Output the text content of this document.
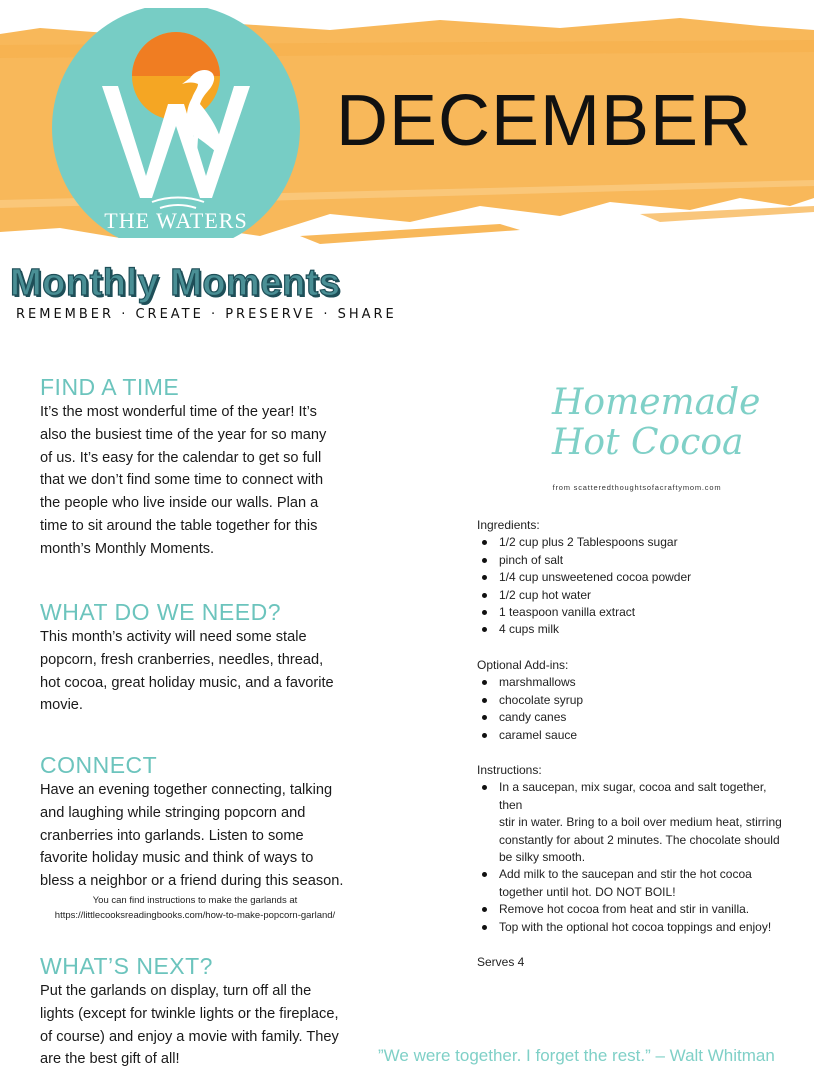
THE WATERS
DECEMBER
Monthly Moments
REMEMBER · CREATE · PRESERVE · SHARE
FIND A TIME

It’s the most wonderful time of the year! It’s
also the busiest time of the year for so many
of us. It’s easy for the calendar to get so full
that we don’t find some time to connect with
the people who live inside our walls. Plan a
time to sit around the table together for this
month’s Monthly Moments.

WHAT DO WE NEED?

This month’s activity will need some stale
popcorn, fresh cranberries, needles, thread,
hot cocoa, great holiday music, and a favorite
movie.

CONNECT

Have an evening together connecting, talking
and laughing while stringing popcorn and
cranberries into garlands. Listen to some
favorite holiday music and think of ways to
bless a neighbor or a friend during this season.

You can find instructions to make the garlands at
https://littlecooksreadingbooks.com/how-to-make-popcorn-garland/
WHAT’S NEXT?

Put the garlands on display, turn off all the
lights (except for twinkle lights or the fireplace,
of course) and enjoy a movie with family. They
are the best gift of all!

Homemade
Hot Cocoa
from scatteredthoughtsofacraftymom.com
Ingredients:
1/2 cup plus 2 Tablespoons sugar
pinch of salt
1/4 cup unsweetened cocoa powder
1/2 cup hot water
1 teaspoon vanilla extract
4 cups milk
Optional Add-ins:
marshmallows
chocolate syrup
candy canes
caramel sauce
Instructions:
In a saucepan, mix sugar, cocoa and salt together, then
stir in water. Bring to a boil over medium heat, stirring
constantly for about 2 minutes. The chocolate should
be silky smooth.
Add milk to the saucepan and stir the hot cocoa
together until hot. DO NOT BOIL!
Remove hot cocoa from heat and stir in vanilla.
Top with the optional hot cocoa toppings and enjoy!
Serves 4
”We were together. I forget the rest.” – Walt Whitman
